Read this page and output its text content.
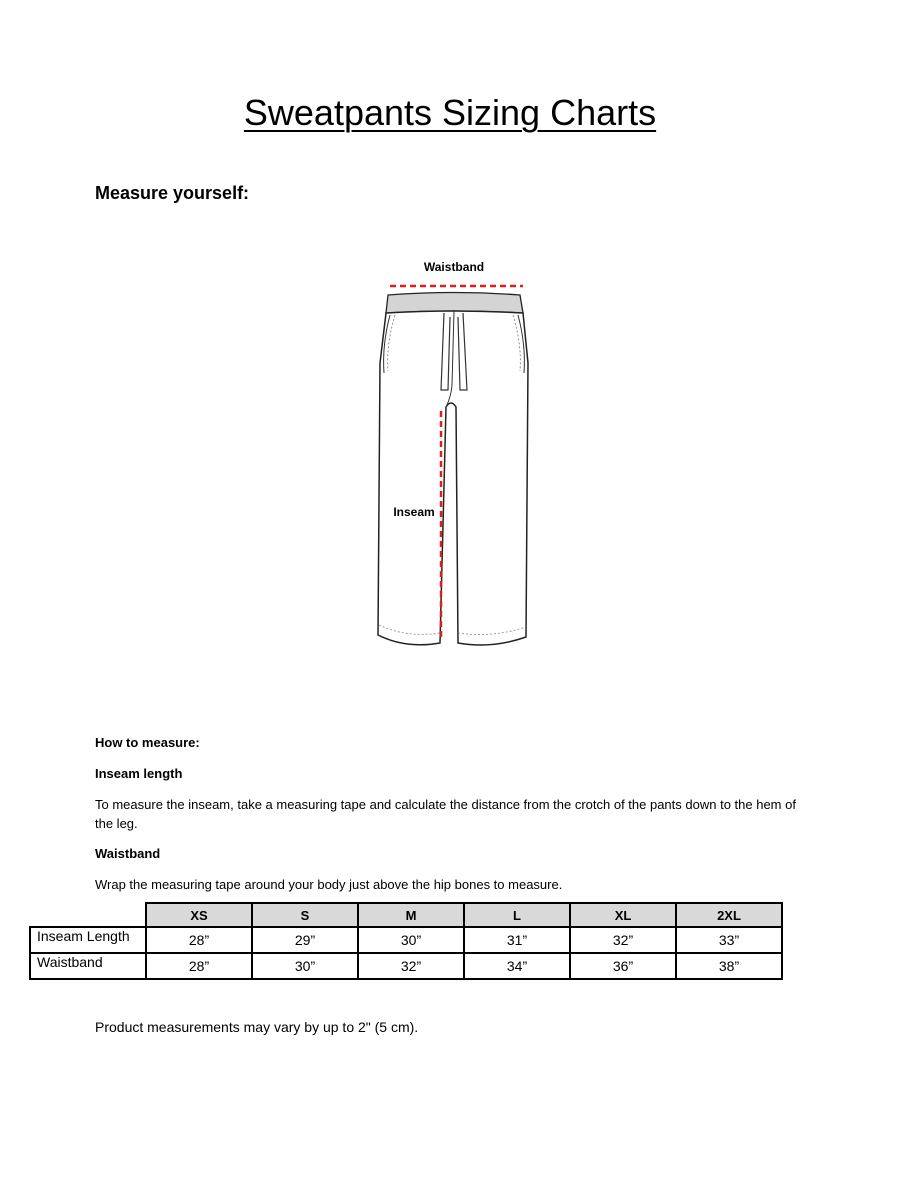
Sweatpants Sizing Charts
Measure yourself:
Waistband
Inseam
How to measure:
Inseam length
To measure the inseam, take a measuring tape and calculate the distance from the crotch of the pants down to the hem of the leg.
Waistband
Wrap the measuring tape around your body just above the hip bones to measure.
	XS	S	M	L	XL	2XL
Inseam Length	28”	29”	30”	31”	32”	33”
Waistband	28”	30”	32”	34”	36”	38”
Product measurements may vary by up to 2" (5 cm).
